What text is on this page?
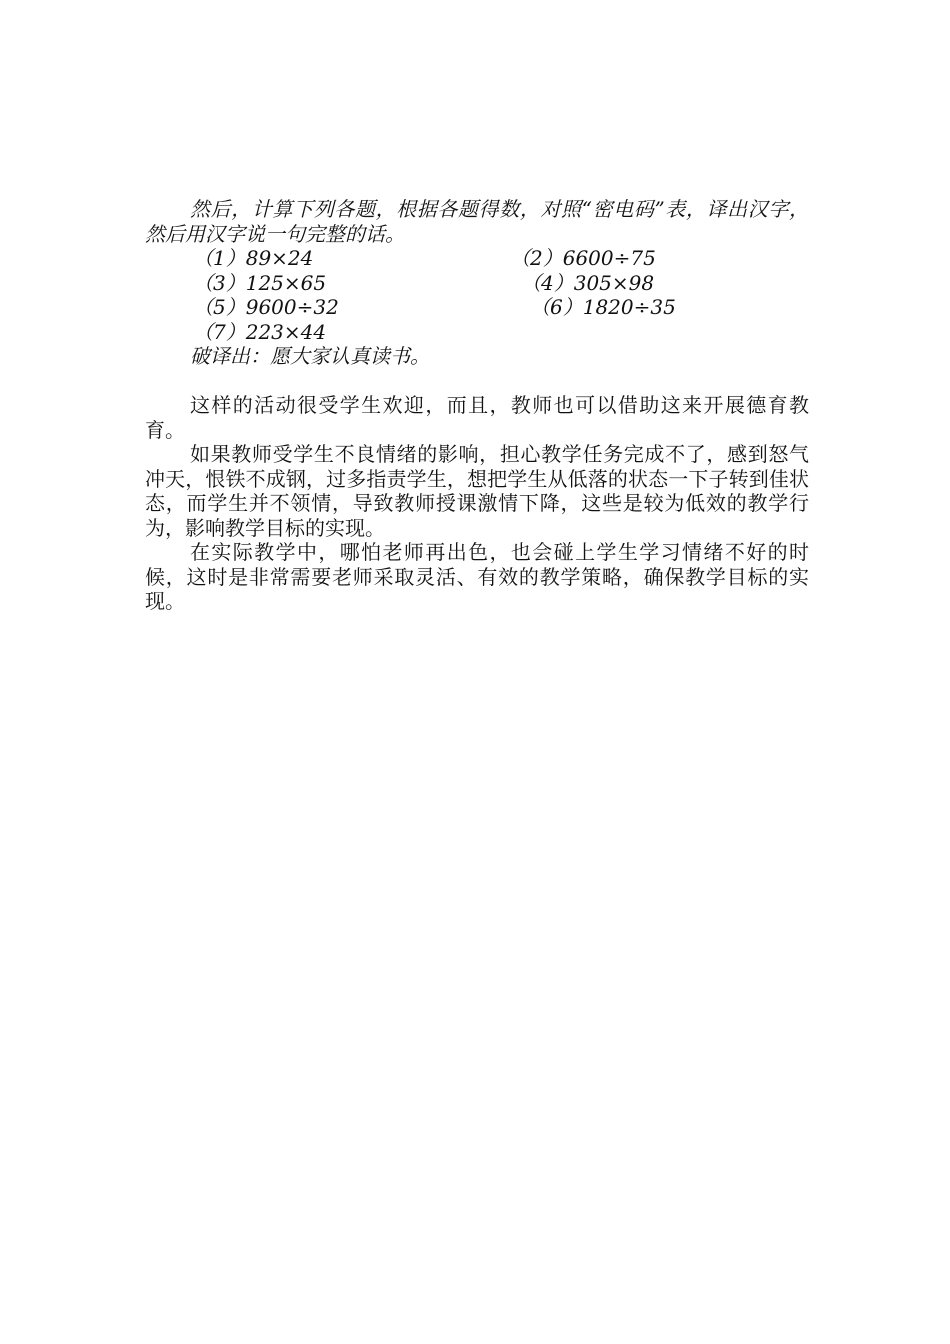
然后，计算下列各题，根据各题得数，对照“密电码”表，译出汉字，然后用汉字说一句完整的话。

（1）89×24	（2）6600÷75
（3）125×65	（4）305×98
（5）9600÷32	（6）1820÷35
（7）223×44

破译出：愿大家认真读书。

这样的活动很受学生欢迎，而且，教师也可以借助这来开展德育教育。

如果教师受学生不良情绪的影响，担心教学任务完成不了，感到怒气冲天，恨铁不成钢，过多指责学生，想把学生从低落的状态一下子转到佳状态，而学生并不领情，导致教师授课激情下降，这些是较为低效的教学行为，影响教学目标的实现。

在实际教学中，哪怕老师再出色，也会碰上学生学习情绪不好的时候，这时是非常需要老师采取灵活、有效的教学策略，确保教学目标的实现。
